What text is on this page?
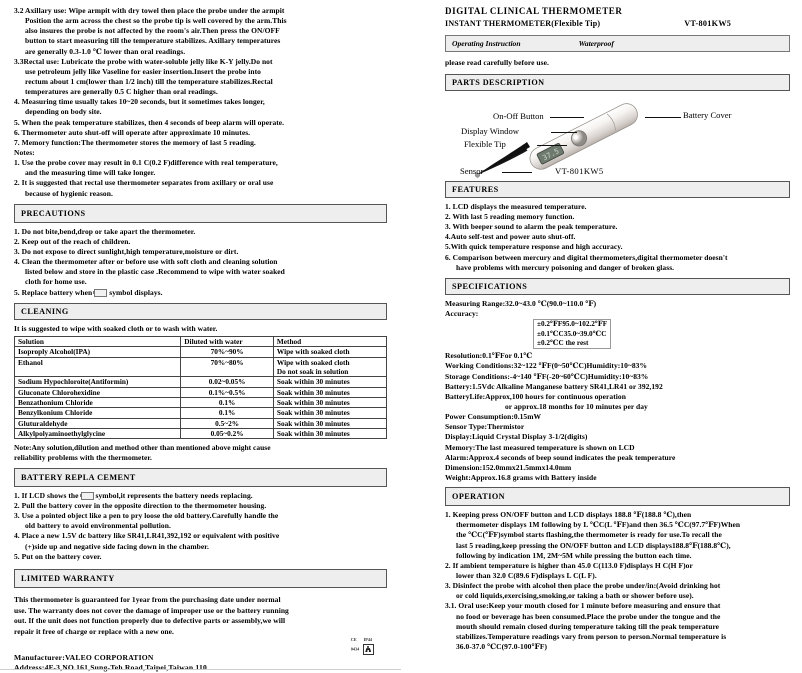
3.2 Axillary use: Wipe armpit with dry towel then place the probe under the armpit
Position the arm across the chest so the probe tip is well covered by the arm.This
also insures the probe is not affected by the room's air.Then press the ON/OFF
button to start measuring till the temperature stabilizes. Axillary temperatures
are generally 0.3-1.0 ℃ lower than oral readings.
3.3Rectal use: Lubricate the probe with water-soluble jelly like K-Y jelly.Do not
use petroleum jelly like Vaseline for easier insertion.Insert the probe into
rectum about 1 cm(lower than 1/2 inch) till the temperature stabilizes.Rectal
temperatures are generally 0.5 C higher than oral readings.
4. Measuring time usually takes 10~20 seconds, but it sometimes takes longer,
depending on body site.
5. When the peak temperature stabilizes, then 4 seconds of beep alarm will operate.
6. Thermometer auto shut-off will operate after approximate 10 minutes.
7. Memory function:The thermometer stores the memory of last 5 reading.
Notes:
1. Use the probe cover may result in 0.1 C(0.2 F)difference with real temperature,
and the measuring time will take longer.
2. It is suggested that rectal use thermometer separates from axillary or oral use
because of hygienic reason.
PRECAUTIONS
1. Do not bite,bend,drop or take apart the thermometer.
2. Keep out of the reach of children.
3. Do not expose to direct sunlight,high temperature,moisture or dirt.
4. Clean the thermometer after or before use with soft cloth and cleaning solution
listed below and store in the plastic case .Recommend to wipe with water soaked
cloth for home use.
5. Replace battery when symbol displays.
CLEANING
It is suggested to wipe with soaked cloth or to wash with water.
Solution	Diluted with water	Method
Isoproply Alcohol(IPA)	70%~90%	Wipe with soaked cloth
Ethanol	70%~80%	Wipe with soaked cloth
		Do not soak in solution
Sodium Hypochloroite(Antiformin)	0.02~0.05%	Soak within 30 minutes
Gluconate Chlorohexidine	0.1%~0.5%	Soak within 30 minutes
Benzathonium Chloride	0.1%	Soak within 30 minutes
Benzylkonium Chloride	0.1%	Soak within 30 minutes
Gluturaldehyde	0.5~2%	Soak within 30 minutes
Alkylpolyaminoethylglycine	0.05~0.2%	Soak within 30 minutes
Note:Any solution,dilution and method other than mentioned above might cause
reliability problems with the thermometer.
BATTERY REPLA CEMENT
1. If LCD shows the symbol,it represents the battery needs replacing.
2. Pull the battery cover in the opposite direction to the thermometer housing.
3. Use a pointed object like a pen to pry loose the old battery.Carefully handle the
old battery to avoid environmental pollution.
4. Place a new 1.5V dc battery like SR41,LR41,392,192 or equivalent with positive
(+)side up and negative side facing down in the chamber.
5. Put on the battery cover.
LIMITED WARRANTY
This thermometer is guaranteed for 1year from the purchasing date under normal
use. The warranty does not cover the damage of improper use or the battery running
out. If the unit does not function properly due to defective parts or assembly,we will
repair it free of charge or replace with a new one.
Manufacturer:VALEO CORPORATION
Address:4F-3,NO.161,Sung-Teh Road,Taipei,Taiwan 110
CE IP44
0434
DIGITAL CLINICAL THERMOMETER
INSTANT THERMOMETER(Flexible Tip)	VT-801KW5
Operating Instruction	Waterproof
please read carefully before use.
PARTS DESCRIPTION
37.5
On-Off Button
Display Window
Flexible Tip
Sensor
Battery Cover
VT-801KW5
FEATURES
1. LCD displays the measured temperature.
2. With last 5 reading memory function.
3. With beeper sound to alarm the peak temperature.
4.Auto self-test and power auto shut-off.
5.With quick temperature response and high accuracy.
6. Comparison between mercury and digital thermometers,digital thermometer doesn't
have problems with mercury poisoning and danger of broken glass.
SPECIFICATIONS
Measuring Range:32.0~43.0 ℃(90.0~110.0 ℉)
Accuracy:
±0.2℉F95.0~102.2℉F
±0.1℃C35.0~39.0℃C
±0.2℃C the rest
Resolution:0.1℉For 0.1℃
Working Conditions:32~122 ℉F(0~50℃C)Humidity:10~83%
Storage Conditions:-4~140 ℉F(-20~60℃C)Humidity:10~83%
Battery:1.5Vdc Alkaline Manganese battery SR41,LR41 or 392,192
BatteryLife:Approx,100 hours for continuous operation
or approx.18 months for 10 minutes per day
Power Consumption:0.15mW
Sensor Type:Thermistor
Display:Liquid Crystal Display 3-1/2(digits)
Memory:The last measured temperature is shown on LCD
Alarm:Approx.4 seconds of beep sound indicates the peak temperature
Dimension:152.0mmx21.5mmx14.0mm
Weight:Approx.16.8 grams with Battery inside
OPERATION
1. Keeping press ON/OFF button and LCD displays 188.8 ℉(188.8 ℃),then
thermometer displays 1M following by L ℃C(L ℉F)and then 36.5 ℃C(97.7℉F)When
the ℃C(℉F)symbol starts flashing,the thermometer is ready for use.To recall the
last 5 reading,keep pressing the ON/OFF button and LCD displays188.8℉(188.8℃),
following by indication 1M, 2M~5M while pressing the button each time.
2. If ambient temperature is higher than 45.0 C(113.0 F)displays H C(H F)or
lower than 32.0 C(89.6 F)displays L C(L F).
3. Disinfect the probe with alcohol then place the probe under/in:(Avoid drinking hot
or cold liquids,exercising,smoking,or taking a bath or shower before use).
3.1. Oral use:Keep your mouth closed for 1 minute before measuring and ensure that
no food or beverage has been consumed.Place the probe under the tongue and the
mouth should remain closed during temperature taking till the peak temperature
stabilizes.Temperature readings vary from person to person.Normal temperature is
36.0-37.0 ℃C(97.0-100℉F)
